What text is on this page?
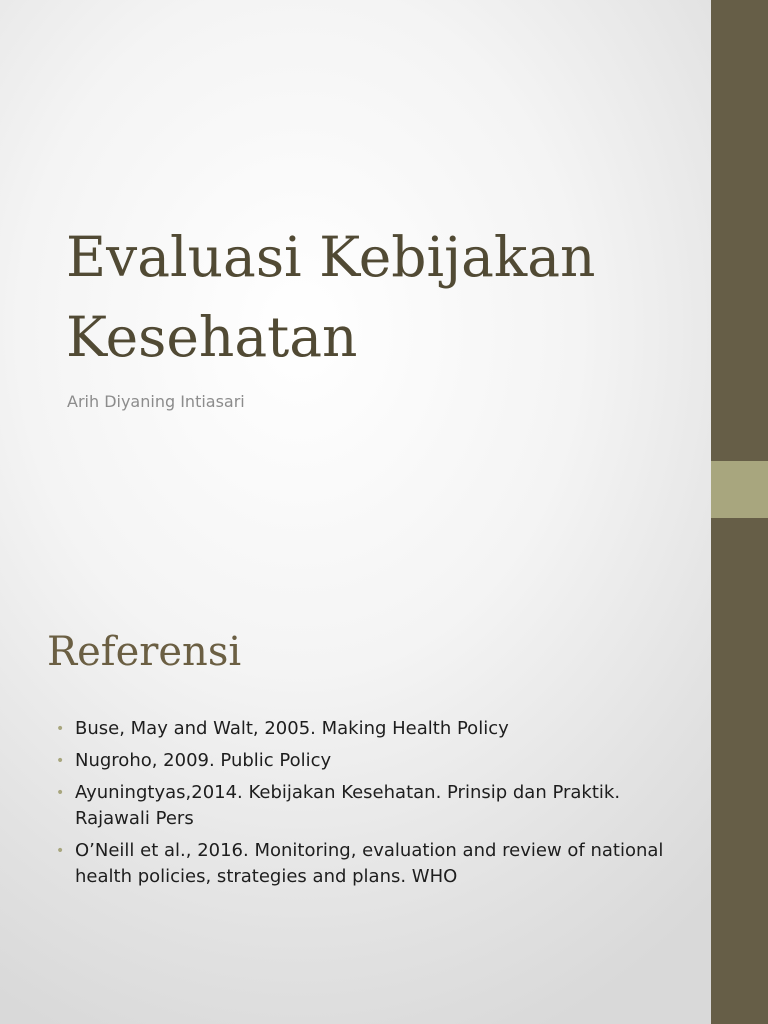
Evaluasi Kebijakan
Kesehatan
Arih Diyaning Intiasari
Referensi
• Buse, May and Walt, 2005. Making Health Policy
• Nugroho, 2009. Public Policy
• Ayuningtyas,2014. Kebijakan Kesehatan. Prinsip dan Praktik. Rajawali Pers
• O’Neill et al., 2016. Monitoring, evaluation and review of national health policies, strategies and plans. WHO
